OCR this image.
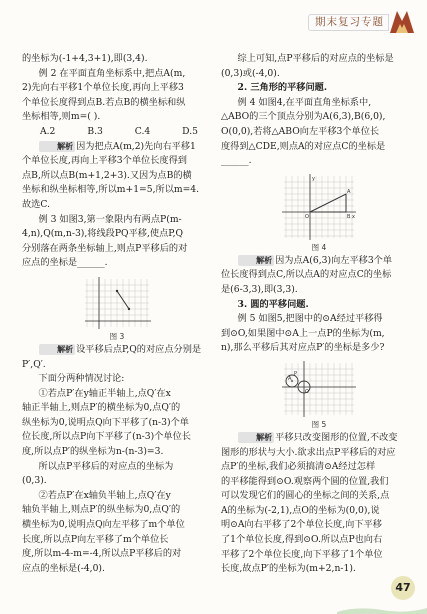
期末复习专题
的坐标为(-1+4,3+1),即(3,4).
例 2 在平面直角坐标系中,把点A(m,
2)先向右平移1个单位长度,再向上平移3
个单位长度得到点B.若点B的横坐标和纵
坐标相等,则m=( ).
A.2	B.3	C.4	D.5
解析 因为把点A(m,2)先向右平移1
个单位长度,再向上平移3个单位长度得到
点B,所以点B(m+1,2+3).又因为点B的横
坐标和纵坐标相等,所以m+1=5,所以m=4.
故选C.
例 3 如图3,第一象限内有两点P(m-
4,n),Q(m,n-3),将线段PQ平移,使点P,Q
分别落在两条坐标轴上,则点P平移后的对
应点的坐标是______.
图 3
解析 设平移后点P,Q的对应点分别是
P′,Q′.
下面分两种情况讨论:
①若点P′在y轴正半轴上,点Q′在x
轴正半轴上,则点P′的横坐标为0,点Q′的
纵坐标为0,说明点Q向下平移了(n-3)个单
位长度,所以点P向下平移了(n-3)个单位长
度,所以点P′的纵坐标为n-(n-3)=3.
所以点P平移后的对应点的坐标为
(0,3).
②若点P′在x轴负半轴上,点Q′在y
轴负半轴上,则点P′的纵坐标为0,点Q′的
横坐标为0,说明点Q向左平移了m个单位
长度,所以点P向左平移了m个单位长
度,所以m-4-m=-4,所以点P平移后的对
应点的坐标是(-4,0).
综上可知,点P平移后的对应点的坐标是
(0,3)或(-4,0).
2. 三角形的平移问题.
例 4 如图4,在平面直角坐标系中,
△ABO的三个顶点分别为A(6,3),B(6,0),
O(0,0),若将△ABO向左平移3个单位长
度得到△CDE,则点A的对应点C的坐标是
______.
y
x
A
B
O
图 4
解析 因为点A(6,3)向左平移3个单
位长度得到点C,所以点A的对应点C的坐标
是(6-3,3),即(3,3).
3. 圆的平移问题.
例 5 如图5,把图中的⊙A经过平移得
到⊙O,如果图中⊙A上一点P的坐标为(m,
n),那么平移后其对应点P′的坐标是多少?
A
O
P
图 5
解析 平移只改变图形的位置,不改变
图形的形状与大小.欲求出点P平移后的对应
点P′的坐标,我们必须搞清⊙A经过怎样
的平移能得到⊙O.观察两个圆的位置,我们
可以发现它们的圆心的坐标之间的关系,点
A的坐标为(-2,1),点O的坐标为(0,0),说
明⊙A向右平移了2个单位长度,向下平移
了1个单位长度,得到⊙O.所以点P也向右
平移了2个单位长度,向下平移了1个单位
长度,故点P′的坐标为(m+2,n-1).
47
